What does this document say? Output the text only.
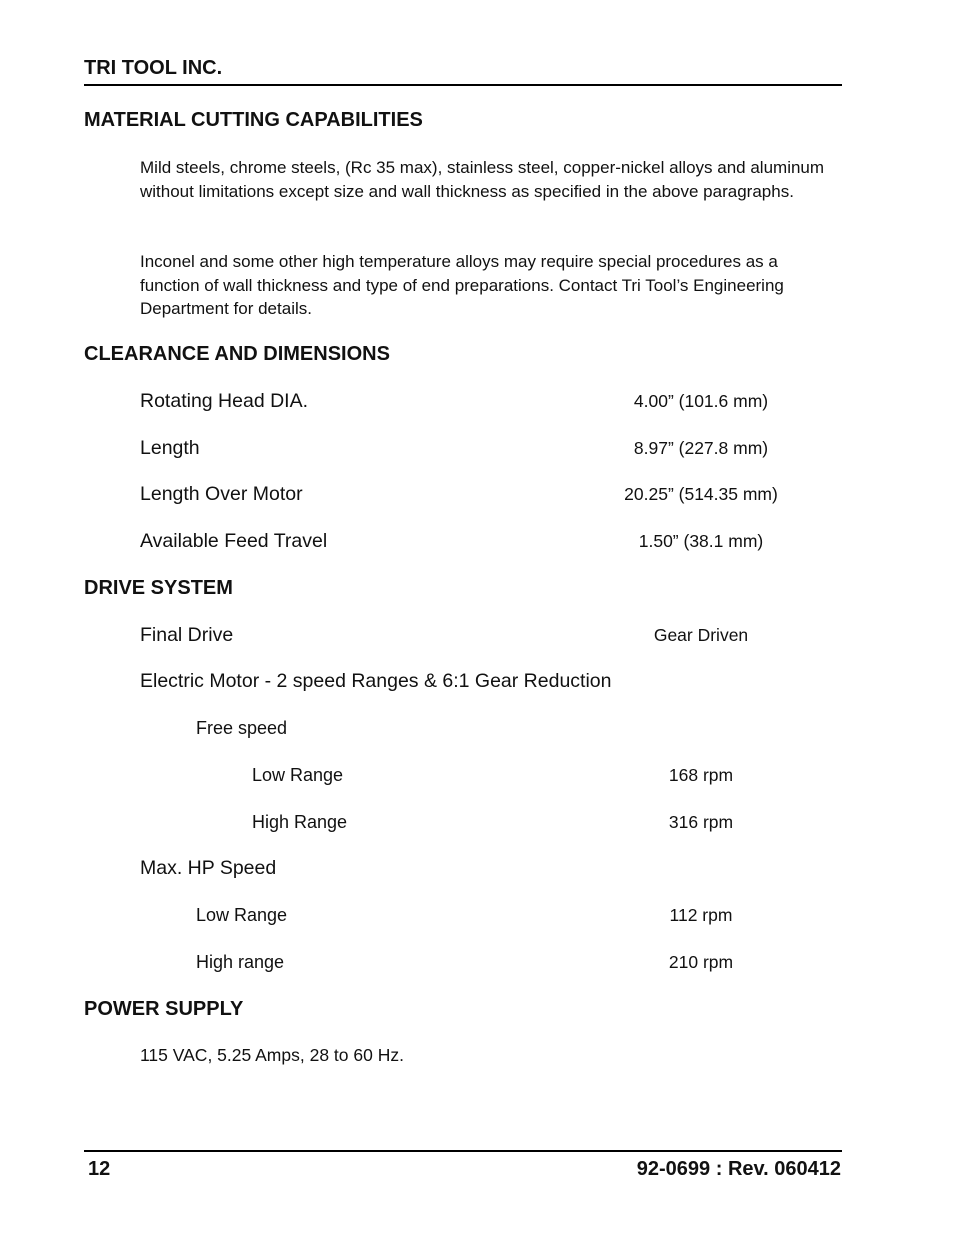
TRI TOOL INC.
MATERIAL CUTTING CAPABILITIES
Mild steels, chrome steels, (Rc 35 max), stainless steel, copper-nickel alloys and aluminum without limitations except size and wall thickness as specified in the above paragraphs.
Inconel and some other high temperature alloys may require special procedures as a function of wall thickness and type of end preparations. Contact Tri Tool’s Engineering Department for details.
CLEARANCE AND DIMENSIONS
Rotating Head DIA.	4.00” (101.6 mm)
Length	8.97” (227.8 mm)
Length Over Motor	20.25” (514.35 mm)
Available Feed Travel	1.50” (38.1 mm)
DRIVE SYSTEM
Final Drive	Gear Driven
Electric Motor - 2 speed Ranges & 6:1 Gear Reduction
Free speed
Low Range	168 rpm
High Range	316 rpm
Max. HP Speed
Low Range	112 rpm
High range	210 rpm
POWER SUPPLY
115 VAC, 5.25 Amps, 28 to 60 Hz.
12	92-0699 : Rev. 060412
